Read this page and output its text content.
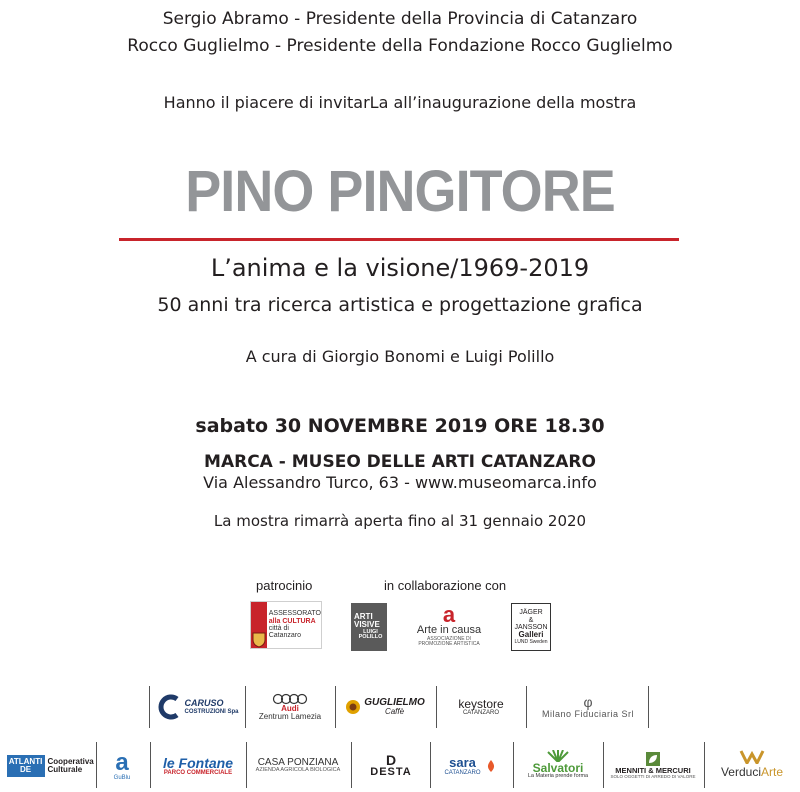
Sergio Abramo - Presidente della Provincia di Catanzaro
Rocco Guglielmo - Presidente della Fondazione Rocco Guglielmo
Hanno il piacere di invitarLa all’inaugurazione della mostra
PINO PINGITORE
L’anima e la visione/1969-2019
50 anni tra ricerca artistica e progettazione grafica
A cura di Giorgio Bonomi e Luigi Polillo
sabato 30 NOVEMBRE 2019 ORE 18.30
MARCA - MUSEO DELLE ARTI CATANZARO
Via Alessandro Turco, 63 - www.museomarca.info
La mostra rimarrà aperta fino al 31 gennaio 2020
patrocinio	in collaborazione con
ASSESSORATO
alla CULTURA
città di Catanzaro
ARTI
VISIVE
LUIGI POLILLO
a
Arte in causa
ASSOCIAZIONE DI PROMOZIONE ARTISTICA
JÄGER
&
JANSSON
Galleri
LUND Sweden
CARUSO
COSTRUZIONI Spa	Audi
Zentrum Lamezia
GUGLIELMO
Caffè
keystore
CATANZARO
φ
Milano Fiduciaria Srl
ATLANTIDE
Cooperativa Culturale	a
GuBlu
le Fontane
PARCO COMMERCIALE
CASA PONZIANA
AZIENDA AGRICOLA BIOLOGICA
D
DESTA
sara
CATANZARO	Salvatori
La Materia prende forma
MENNITI & MERCURI
SOLO OGGETTI DI ARREDO DI VALORE VerduciArte
